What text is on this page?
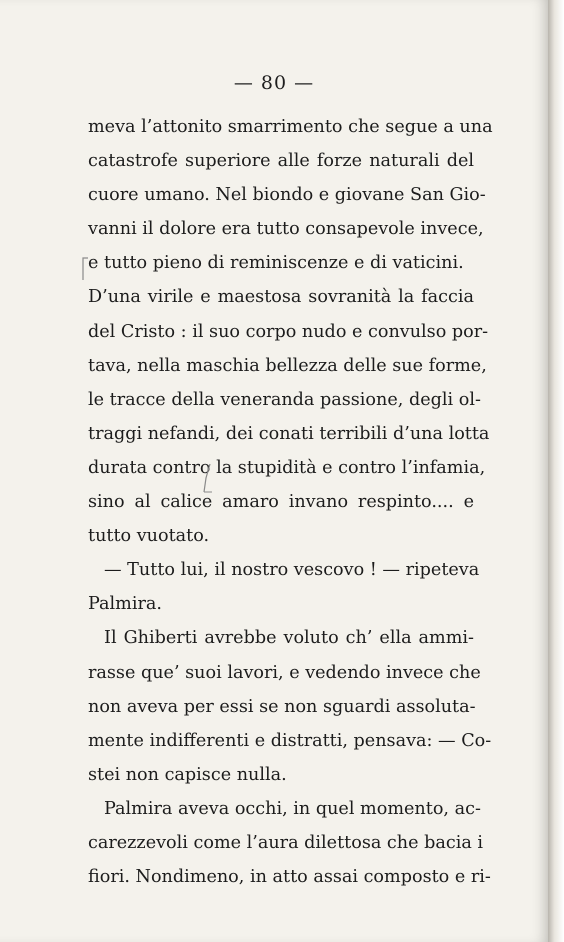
— 80 —
meva l’attonito smarrimento che segue a una
catastrofe superiore alle forze naturali del
cuore umano. Nel biondo e giovane San Gio-
vanni il dolore era tutto consapevole invece,
e tutto pieno di reminiscenze e di vaticini.
D’una virile e maestosa sovranità la faccia
del Cristo : il suo corpo nudo e convulso por-
tava, nella maschia bellezza delle sue forme,
le tracce della veneranda passione, degli ol-
traggi nefandi, dei conati terribili d’una lotta
durata contro la stupidità e contro l’infamia,
sino al calice amaro invano respinto.... e
tutto vuotato.
— Tutto lui, il nostro vescovo ! — ripeteva
Palmira.
Il Ghiberti avrebbe voluto ch’ ella ammi-
rasse que’ suoi lavori, e vedendo invece che
non aveva per essi se non sguardi assoluta-
mente indifferenti e distratti, pensava: — Co-
stei non capisce nulla.
Palmira aveva occhi, in quel momento, ac-
carezzevoli come l’aura dilettosa che bacia i
fiori. Nondimeno, in atto assai composto e ri-
